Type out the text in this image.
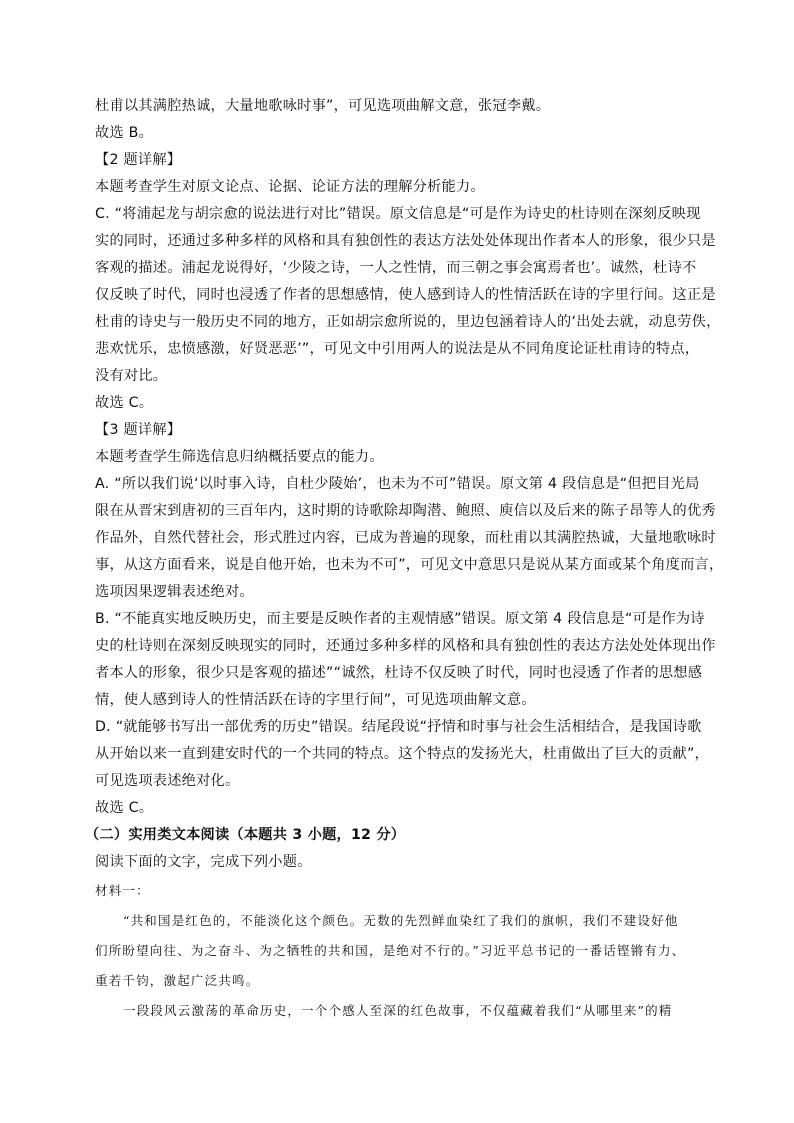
杜甫以其满腔热诚，大量地歌咏时事”，可见选项曲解文意，张冠李戴。
故选 B。
【2 题详解】
本题考查学生对原文论点、论据、论证方法的理解分析能力。
C. “将浦起龙与胡宗愈的说法进行对比”错误。原文信息是“可是作为诗史的杜诗则在深刻反映现
实的同时，还通过多种多样的风格和具有独创性的表达方法处处体现出作者本人的形象，很少只是
客观的描述。浦起龙说得好，‘少陵之诗，一人之性情，而三朝之事会寓焉者也’。诚然，杜诗不
仅反映了时代，同时也浸透了作者的思想感情，使人感到诗人的性情活跃在诗的字里行间。这正是
杜甫的诗史与一般历史不同的地方，正如胡宗愈所说的，里边包涵着诗人的‘出处去就，动息劳佚，
悲欢忧乐，忠愤感激，好贤恶恶’”，可见文中引用两人的说法是从不同角度论证杜甫诗的特点，
没有对比。
故选 C。
【3 题详解】
本题考查学生筛选信息归纳概括要点的能力。
A. “所以我们说‘以时事入诗，自杜少陵始’，也未为不可”错误。原文第 4 段信息是“但把目光局
限在从晋宋到唐初的三百年内，这时期的诗歌除却陶潜、鲍照、庾信以及后来的陈子昂等人的优秀
作品外，自然代替社会，形式胜过内容，已成为普遍的现象，而杜甫以其满腔热诚，大量地歌咏时
事，从这方面看来，说是自他开始，也未为不可”，可见文中意思只是说从某方面或某个角度而言，
选项因果逻辑表述绝对。
B. “不能真实地反映历史，而主要是反映作者的主观情感”错误。原文第 4 段信息是“可是作为诗
史的杜诗则在深刻反映现实的同时，还通过多种多样的风格和具有独创性的表达方法处处体现出作
者本人的形象，很少只是客观的描述”“诚然，杜诗不仅反映了时代，同时也浸透了作者的思想感
情，使人感到诗人的性情活跃在诗的字里行间”，可见选项曲解文意。
D. “就能够书写出一部优秀的历史”错误。结尾段说“抒情和时事与社会生活相结合，是我国诗歌
从开始以来一直到建安时代的一个共同的特点。这个特点的发扬光大，杜甫做出了巨大的贡献”，
可见选项表述绝对化。
故选 C。
（二）实用类文本阅读（本题共 3 小题，12 分）
阅读下面的文字，完成下列小题。
材料一：
“共和国是红色的，不能淡化这个颜色。无数的先烈鲜血染红了我们的旗帜，我们不建设好他
们所盼望向往、为之奋斗、为之牺牲的共和国，是绝对不行的。”习近平总书记的一番话铿锵有力、
重若千钧，激起广泛共鸣。
一段段风云激荡的革命历史，一个个感人至深的红色故事，不仅蕴藏着我们“从哪里来”的精
